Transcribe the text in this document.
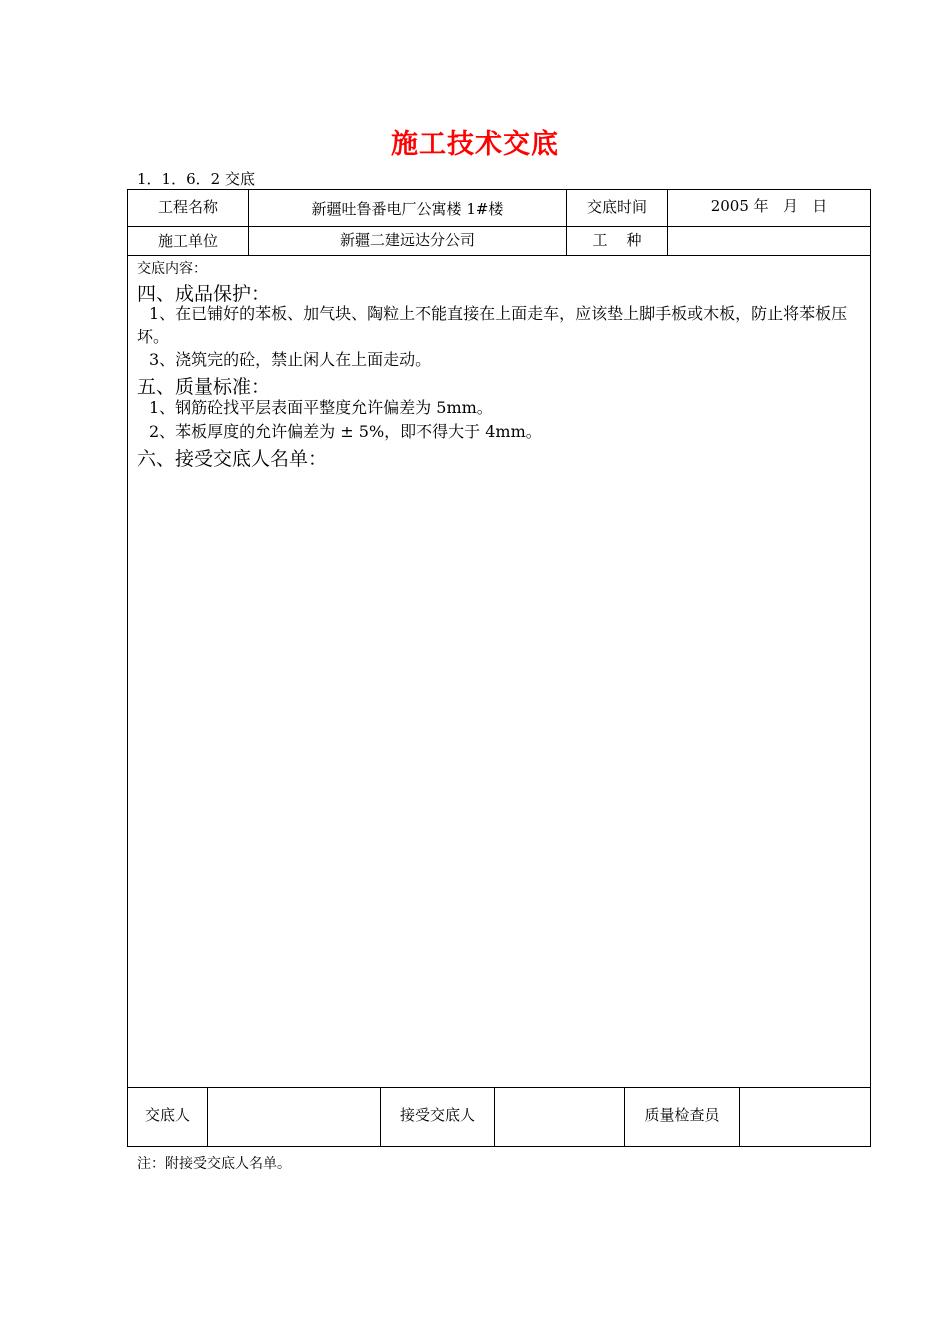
施工技术交底
1．1．6．2 交底
工程名称	新疆吐鲁番电厂公寓楼 1#楼	交底时间	2005 年   月   日
施工单位	新疆二建远达分公司	工    种
交底内容：
四、成品保护：
1、在已铺好的苯板、加气块、陶粒上不能直接在上面走车，应该垫上脚手板或木板，防止将苯板压坏。
3、浇筑完的砼，禁止闲人在上面走动。
五、质量标准：
1、钢筋砼找平层表面平整度允许偏差为 5mm。
2、苯板厚度的允许偏差为 ± 5%，即不得大于 4mm。
六、接受交底人名单：
交底人	接受交底人	质量检查员
注：附接受交底人名单。
